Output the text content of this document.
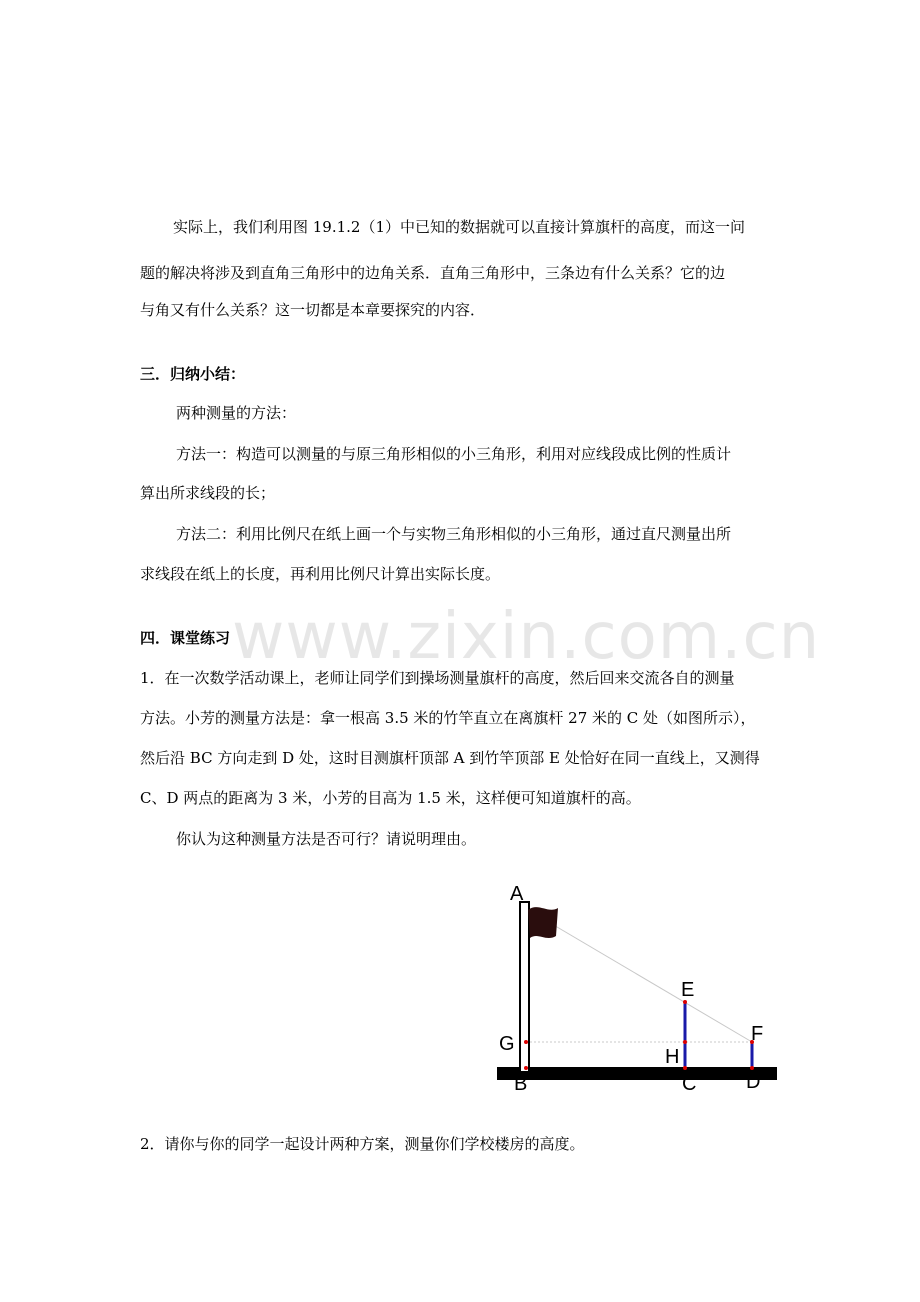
www.zixin.com.cn

实际上，我们利用图 19.1.2（1）中已知的数据就可以直接计算旗杆的高度，而这一问

题的解决将涉及到直角三角形中的边角关系．直角三角形中，三条边有什么关系？它的边

与角又有什么关系？这一切都是本章要探究的内容．

三．归纳小结：

两种测量的方法：

方法一：构造可以测量的与原三角形相似的小三角形，利用对应线段成比例的性质计

算出所求线段的长；

方法二：利用比例尺在纸上画一个与实物三角形相似的小三角形，通过直尺测量出所

求线段在纸上的长度，再利用比例尺计算出实际长度。

四．课堂练习

1．在一次数学活动课上，老师让同学们到操场测量旗杆的高度，然后回来交流各自的测量

方法。小芳的测量方法是：拿一根高 3.5 米的竹竿直立在离旗杆 27 米的 C 处（如图所示），

然后沿 BC 方向走到 D 处，这时目测旗杆顶部 A 到竹竿顶部 E 处恰好在同一直线上，又测得

C、D 两点的距离为 3 米，小芳的目高为 1.5 米，这样便可知道旗杆的高。

你认为这种测量方法是否可行？请说明理由。

A
B	C D
E
F
G
H

2．请你与你的同学一起设计两种方案，测量你们学校楼房的高度。
